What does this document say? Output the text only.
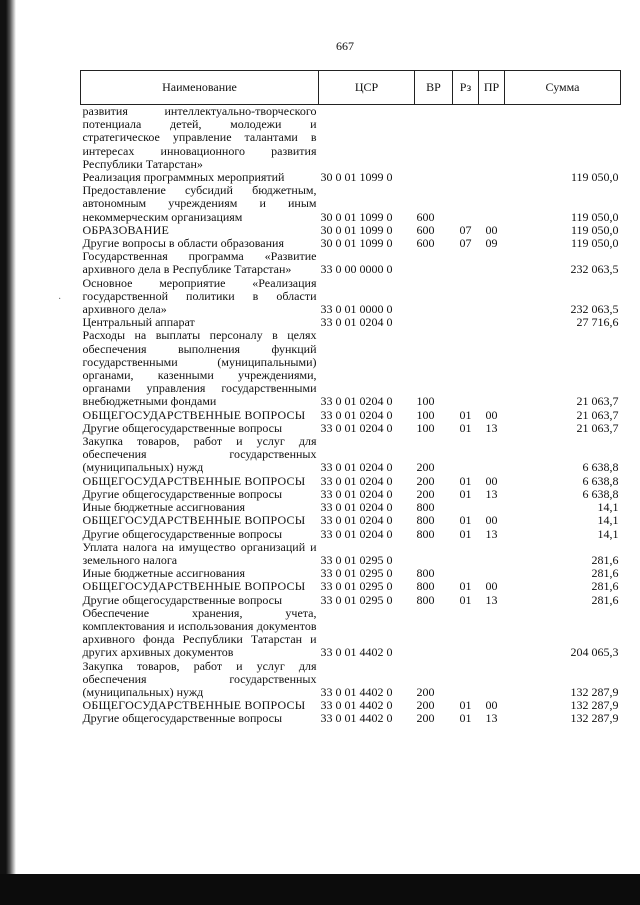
·
667
Наименование	ЦСР	ВР	Рз	ПР	Сумма
развития интеллектуально-творческого потенциала детей, молодежи и стратегическое управление талантами в интересах инновационного развития Республики Татарстан»					
Реализация программных мероприятий	30 0 01 1099 0				119 050,0
Предоставление субсидий бюджетным, автономным учреждениям и иным некоммерческим организациям	30 0 01 1099 0	600			119 050,0
ОБРАЗОВАНИЕ	30 0 01 1099 0	600	07	00	119 050,0
Другие вопросы в области образования	30 0 01 1099 0	600	07	09	119 050,0
Государственная программа «Развитие архивного дела в Республике Татарстан»	33 0 00 0000 0				232 063,5
Основное мероприятие «Реализация государственной политики в области архивного дела»	33 0 01 0000 0				232 063,5
Центральный аппарат	33 0 01 0204 0				27 716,6
Расходы на выплаты персоналу в целях обеспечения выполнения функций государственными (муниципальными) органами, казенными учреждениями, органами управления государственными внебюджетными фондами	33 0 01 0204 0	100			21 063,7
ОБЩЕГОСУДАРСТВЕННЫЕ ВОПРОСЫ	33 0 01 0204 0	100	01	00	21 063,7
Другие общегосударственные вопросы	33 0 01 0204 0	100	01	13	21 063,7
Закупка товаров, работ и услуг для обеспечения государственных (муниципальных) нужд	33 0 01 0204 0	200			6 638,8
ОБЩЕГОСУДАРСТВЕННЫЕ ВОПРОСЫ	33 0 01 0204 0	200	01	00	6 638,8
Другие общегосударственные вопросы	33 0 01 0204 0	200	01	13	6 638,8
Иные бюджетные ассигнования	33 0 01 0204 0	800			14,1
ОБЩЕГОСУДАРСТВЕННЫЕ ВОПРОСЫ	33 0 01 0204 0	800	01	00	14,1
Другие общегосударственные вопросы	33 0 01 0204 0	800	01	13	14,1
Уплата налога на имущество организаций и земельного налога	33 0 01 0295 0				281,6
Иные бюджетные ассигнования	33 0 01 0295 0	800			281,6
ОБЩЕГОСУДАРСТВЕННЫЕ ВОПРОСЫ	33 0 01 0295 0	800	01	00	281,6
Другие общегосударственные вопросы	33 0 01 0295 0	800	01	13	281,6
Обеспечение хранения, учета, комплектования и использования документов архивного фонда Республики Татарстан и других архивных документов	33 0 01 4402 0				204 065,3
Закупка товаров, работ и услуг для обеспечения государственных (муниципальных) нужд	33 0 01 4402 0	200			132 287,9
ОБЩЕГОСУДАРСТВЕННЫЕ ВОПРОСЫ	33 0 01 4402 0	200	01	00	132 287,9
Другие общегосударственные вопросы	33 0 01 4402 0	200	01	13	132 287,9
